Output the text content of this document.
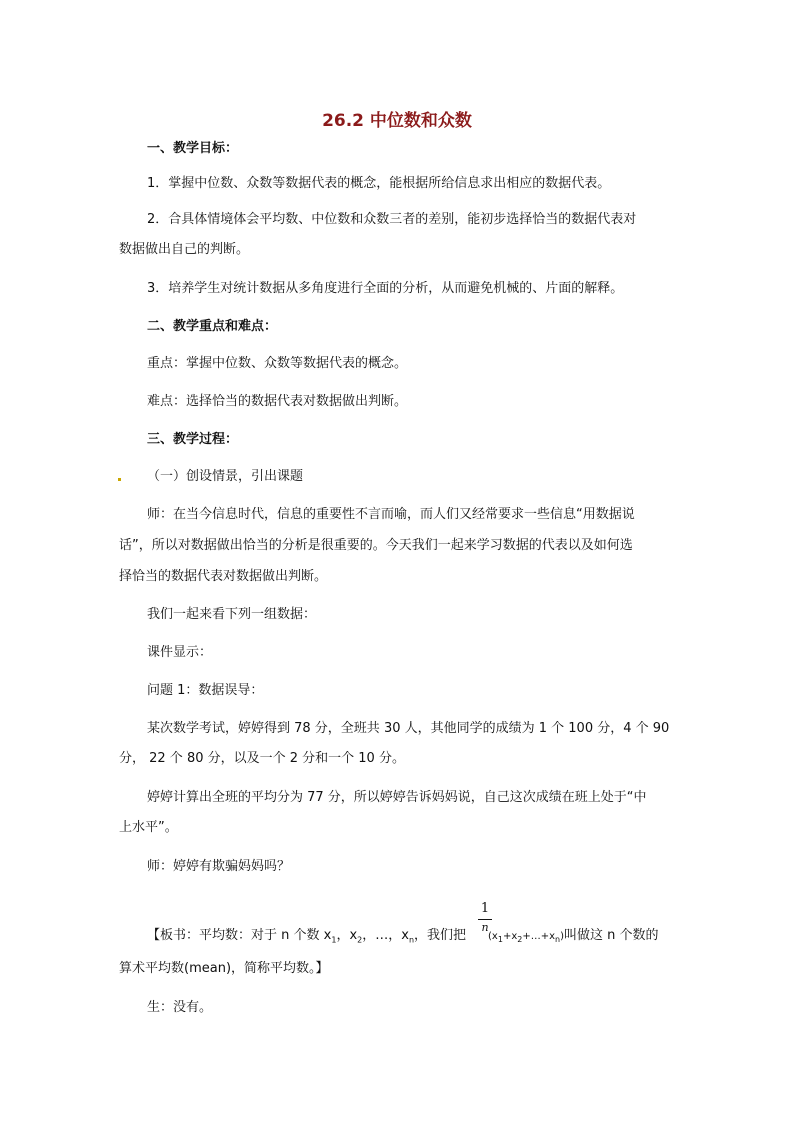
26.2 中位数和众数
一、教学目标：
1．掌握中位数、众数等数据代表的概念，能根据所给信息求出相应的数据代表。
2．合具体情境体会平均数、中位数和众数三者的差别，能初步选择恰当的数据代表对
数据做出自己的判断。
3．培养学生对统计数据从多角度进行全面的分析，从而避免机械的、片面的解释。
二、教学重点和难点：
重点：掌握中位数、众数等数据代表的概念。
难点：选择恰当的数据代表对数据做出判断。
三、教学过程：
（一）创设情景，引出课题
师：在当今信息时代，信息的重要性不言而喻，而人们又经常要求一些信息“用数据说
话”，所以对数据做出恰当的分析是很重要的。今天我们一起来学习数据的代表以及如何选
择恰当的数据代表对数据做出判断。
我们一起来看下列一组数据：
课件显示：
问题 1：数据误导：
某次数学考试，婷婷得到 78 分，全班共 30 人，其他同学的成绩为 1 个 100 分，4 个 90
分， 22 个 80 分，以及一个 2 分和一个 10 分。
婷婷计算出全班的平均分为 77 分，所以婷婷告诉妈妈说，自己这次成绩在班上处于“中
上水平”。
师：婷婷有欺骗妈妈吗？
1
n
【板书：平均数：对于 n 个数 $x_1$，$x_2$，…，$x_n$，我们把 $(x_1+x_2+\dots+x_n)$叫做这 n 个数的
算术平均数(mean)，简称平均数。】
生：没有。
